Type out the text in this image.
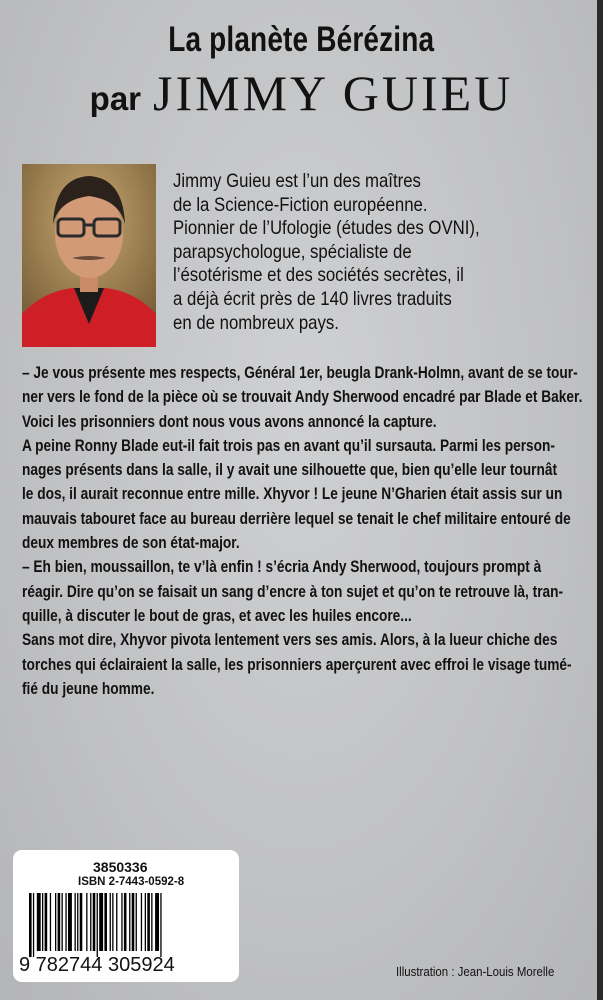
La planète Bérézina
par JIMMY GUIEU
Jimmy Guieu est l’un des maîtres
de la Science-Fiction européenne.
Pionnier de l’Ufologie (études des OVNI),
parapsychologue, spécialiste de
l’ésotérisme et des sociétés secrètes, il
a déjà écrit près de 140 livres traduits
en de nombreux pays.
– Je vous présente mes respects, Général 1er, beugla Drank-Holmn, avant de se tour-
ner vers le fond de la pièce où se trouvait Andy Sherwood encadré par Blade et Baker.
Voici les prisonniers dont nous vous avons annoncé la capture.
A peine Ronny Blade eut-il fait trois pas en avant qu’il sursauta. Parmi les person-
nages présents dans la salle, il y avait une silhouette que, bien qu’elle leur tournât
le dos, il aurait reconnue entre mille. Xhyvor ! Le jeune N’Gharien était assis sur un
mauvais tabouret face au bureau derrière lequel se tenait le chef militaire entouré de
deux membres de son état-major.
– Eh bien, moussaillon, te v’là enfin ! s’écria Andy Sherwood, toujours prompt à
réagir. Dire qu’on se faisait un sang d’encre à ton sujet et qu’on te retrouve là, tran-
quille, à discuter le bout de gras, et avec les huiles encore...
Sans mot dire, Xhyvor pivota lentement vers ses amis. Alors, à la lueur chiche des
torches qui éclairaient la salle, les prisonniers aperçurent avec effroi le visage tumé-
fié du jeune homme.
3850336
ISBN 2-7443-0592-8
9 782744 305924	Illustration : Jean-Louis Morelle
